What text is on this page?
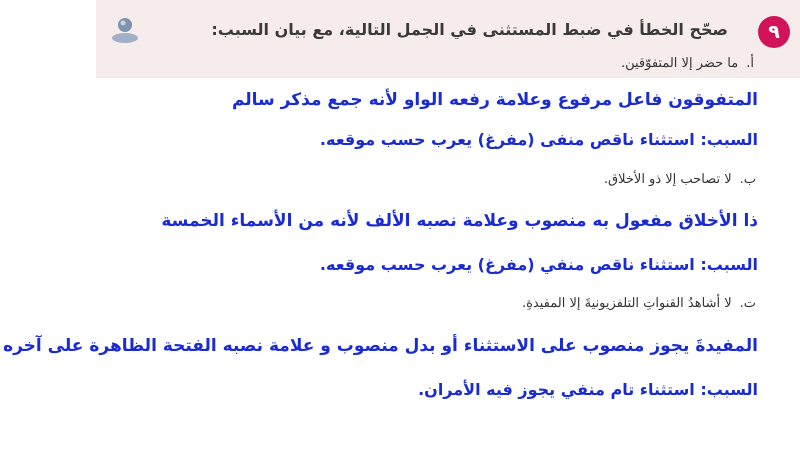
٩
صحّح الخطأ في ضبط المستثنى في الجمل التالية، مع بيان السبب:
أ.ما حضر إلا المتفوّقين.
المتفوقون فاعل مرفوع وعلامة رفعه الواو لأنه جمع مذكر سالم
السبب: استثناء ناقص منفى (مفرغ) يعرب حسب موقعه.
ب.لا تصاحب إلا ذو الأخلاق.
ذا الأخلاق مفعول به منصوب وعلامة نصبه الألف لأنه من الأسماء الخمسة
السبب: استثناء ناقص منفي (مفرغ) يعرب حسب موقعه.
ت.لا أشاهدُ القنواتِ التلفزيونيةَ إلا المفيدةِ.
المفيدةَ يجوز منصوب على الاستثناء أو بدل منصوب و علامة نصبه الفتحة الظاهرة على آخره
السبب: استثناء تام منفي يجوز فيه الأمران.
